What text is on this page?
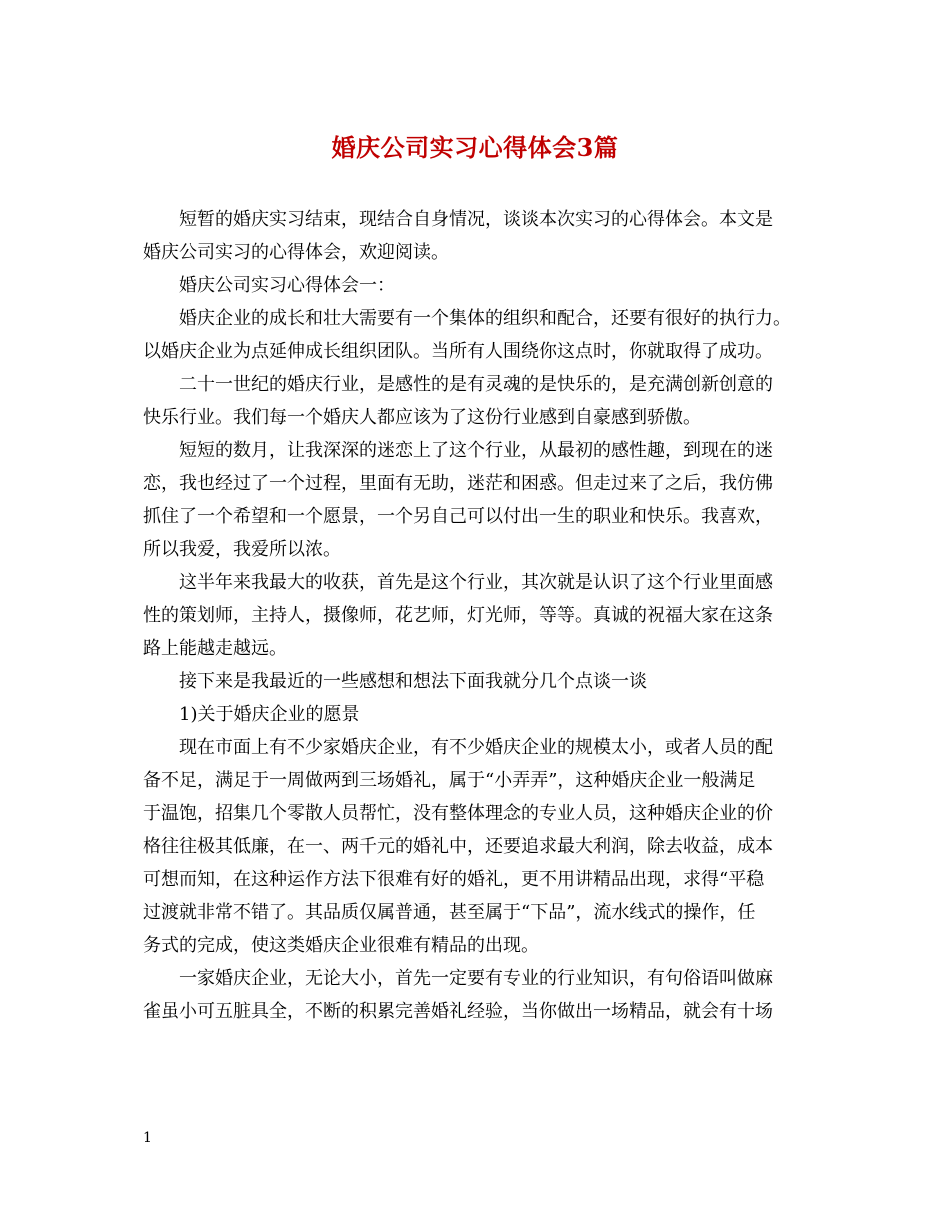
婚庆公司实习心得体会3篇

短暂的婚庆实习结束，现结合自身情况，谈谈本次实习的心得体会。本文是
婚庆公司实习的心得体会，欢迎阅读。

婚庆公司实习心得体会一：

婚庆企业的成长和壮大需要有一个集体的组织和配合，还要有很好的执行力。
以婚庆企业为点延伸成长组织团队。当所有人围绕你这点时，你就取得了成功。

二十一世纪的婚庆行业，是感性的是有灵魂的是快乐的，是充满创新创意的
快乐行业。我们每一个婚庆人都应该为了这份行业感到自豪感到骄傲。

短短的数月，让我深深的迷恋上了这个行业，从最初的感性趣，到现在的迷
恋，我也经过了一个过程，里面有无助，迷茫和困惑。但走过来了之后，我仿佛
抓住了一个希望和一个愿景，一个另自己可以付出一生的职业和快乐。我喜欢，
所以我爱，我爱所以浓。

这半年来我最大的收获，首先是这个行业，其次就是认识了这个行业里面感
性的策划师，主持人，摄像师，花艺师，灯光师，等等。真诚的祝福大家在这条
路上能越走越远。

接下来是我最近的一些感想和想法下面我就分几个点谈一谈

1)关于婚庆企业的愿景

现在市面上有不少家婚庆企业，有不少婚庆企业的规模太小，或者人员的配
备不足，满足于一周做两到三场婚礼，属于“小弄弄”，这种婚庆企业一般满足
于温饱，招集几个零散人员帮忙，没有整体理念的专业人员，这种婚庆企业的价
格往往极其低廉，在一、两千元的婚礼中，还要追求最大利润，除去收益，成本
可想而知，在这种运作方法下很难有好的婚礼，更不用讲精品出现，求得“平稳
过渡就非常不错了。其品质仅属普通，甚至属于“下品”，流水线式的操作，任
务式的完成，使这类婚庆企业很难有精品的出现。

一家婚庆企业，无论大小，首先一定要有专业的行业知识，有句俗语叫做麻
雀虽小可五脏具全，不断的积累完善婚礼经验，当你做出一场精品，就会有十场

1
